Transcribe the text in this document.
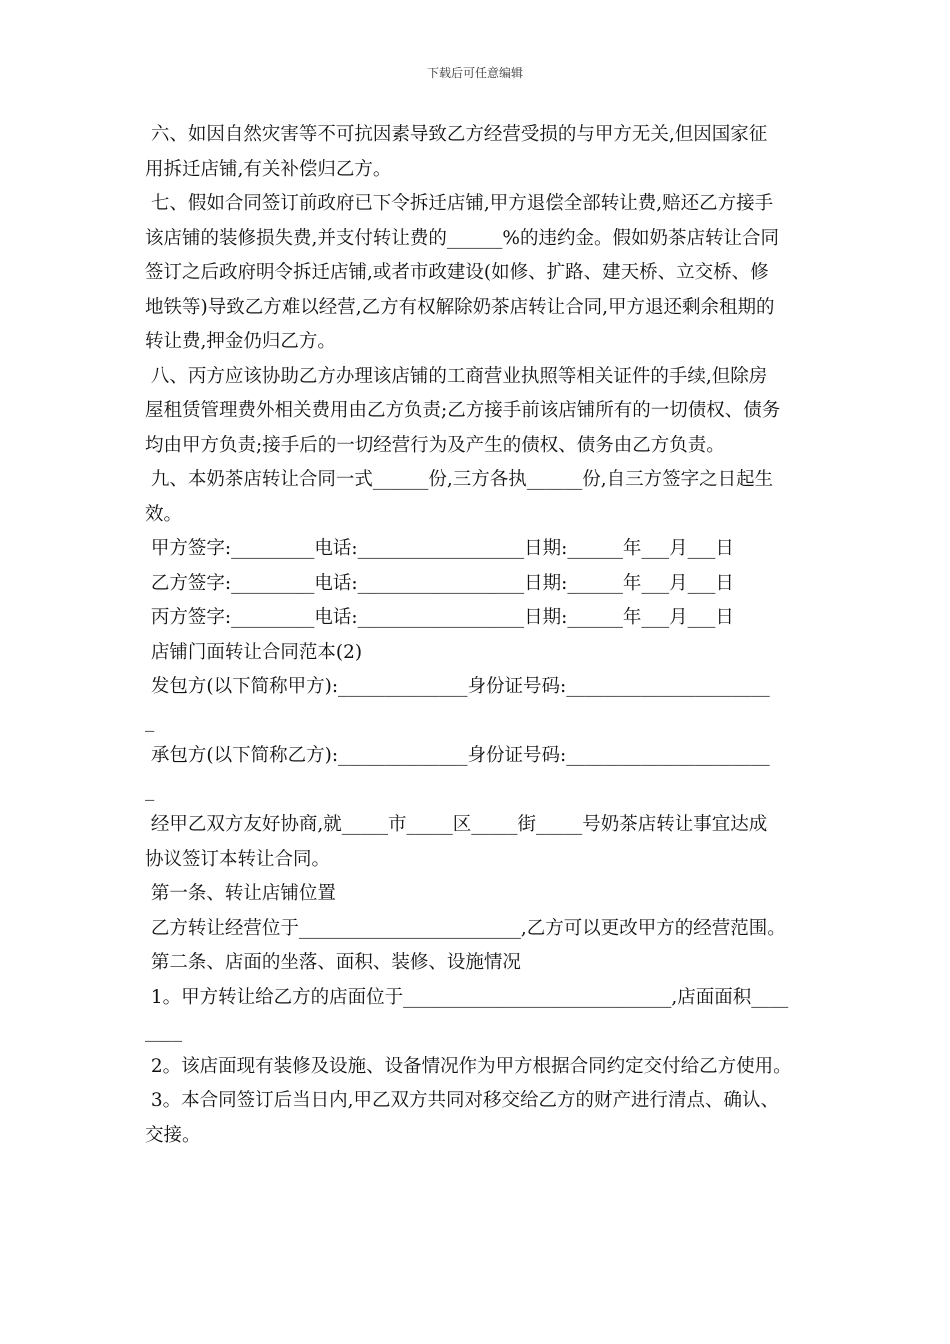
下载后可任意编辑
六、如因自然灾害等不可抗因素导致乙方经营受损的与甲方无关,但因国家征
用拆迁店铺,有关补偿归乙方。
七、假如合同签订前政府已下令拆迁店铺,甲方退偿全部转让费,赔还乙方接手
该店铺的装修损失费,并支付转让费的______%的违约金。假如奶茶店转让合同
签订之后政府明令拆迁店铺,或者市政建设(如修、扩路、建天桥、立交桥、修
地铁等)导致乙方难以经营,乙方有权解除奶茶店转让合同,甲方退还剩余租期的
转让费,押金仍归乙方。
八、丙方应该协助乙方办理该店铺的工商营业执照等相关证件的手续,但除房
屋租赁管理费外相关费用由乙方负责;乙方接手前该店铺所有的一切债权、债务
均由甲方负责;接手后的一切经营行为及产生的债权、债务由乙方负责。
九、本奶茶店转让合同一式______份,三方各执______份,自三方签字之日起生
效。
甲方签字:_________电话:__________________日期:______年___月___日
乙方签字:_________电话:__________________日期:______年___月___日
丙方签字:_________电话:__________________日期:______年___月___日
店铺门面转让合同范本(2)
发包方(以下简称甲方):______________身份证号码:______________________
_
承包方(以下简称乙方):______________身份证号码:______________________
_
经甲乙双方友好协商,就_____市_____区_____街_____号奶茶店转让事宜达成
协议签订本转让合同。
第一条、转让店铺位置
乙方转让经营位于________________________,乙方可以更改甲方的经营范围。
第二条、店面的坐落、面积、装修、设施情况
1。甲方转让给乙方的店面位于_____________________________,店面面积____
____
2。该店面现有装修及设施、设备情况作为甲方根据合同约定交付给乙方使用。
3。本合同签订后当日内,甲乙双方共同对移交给乙方的财产进行清点、确认、
交接。
